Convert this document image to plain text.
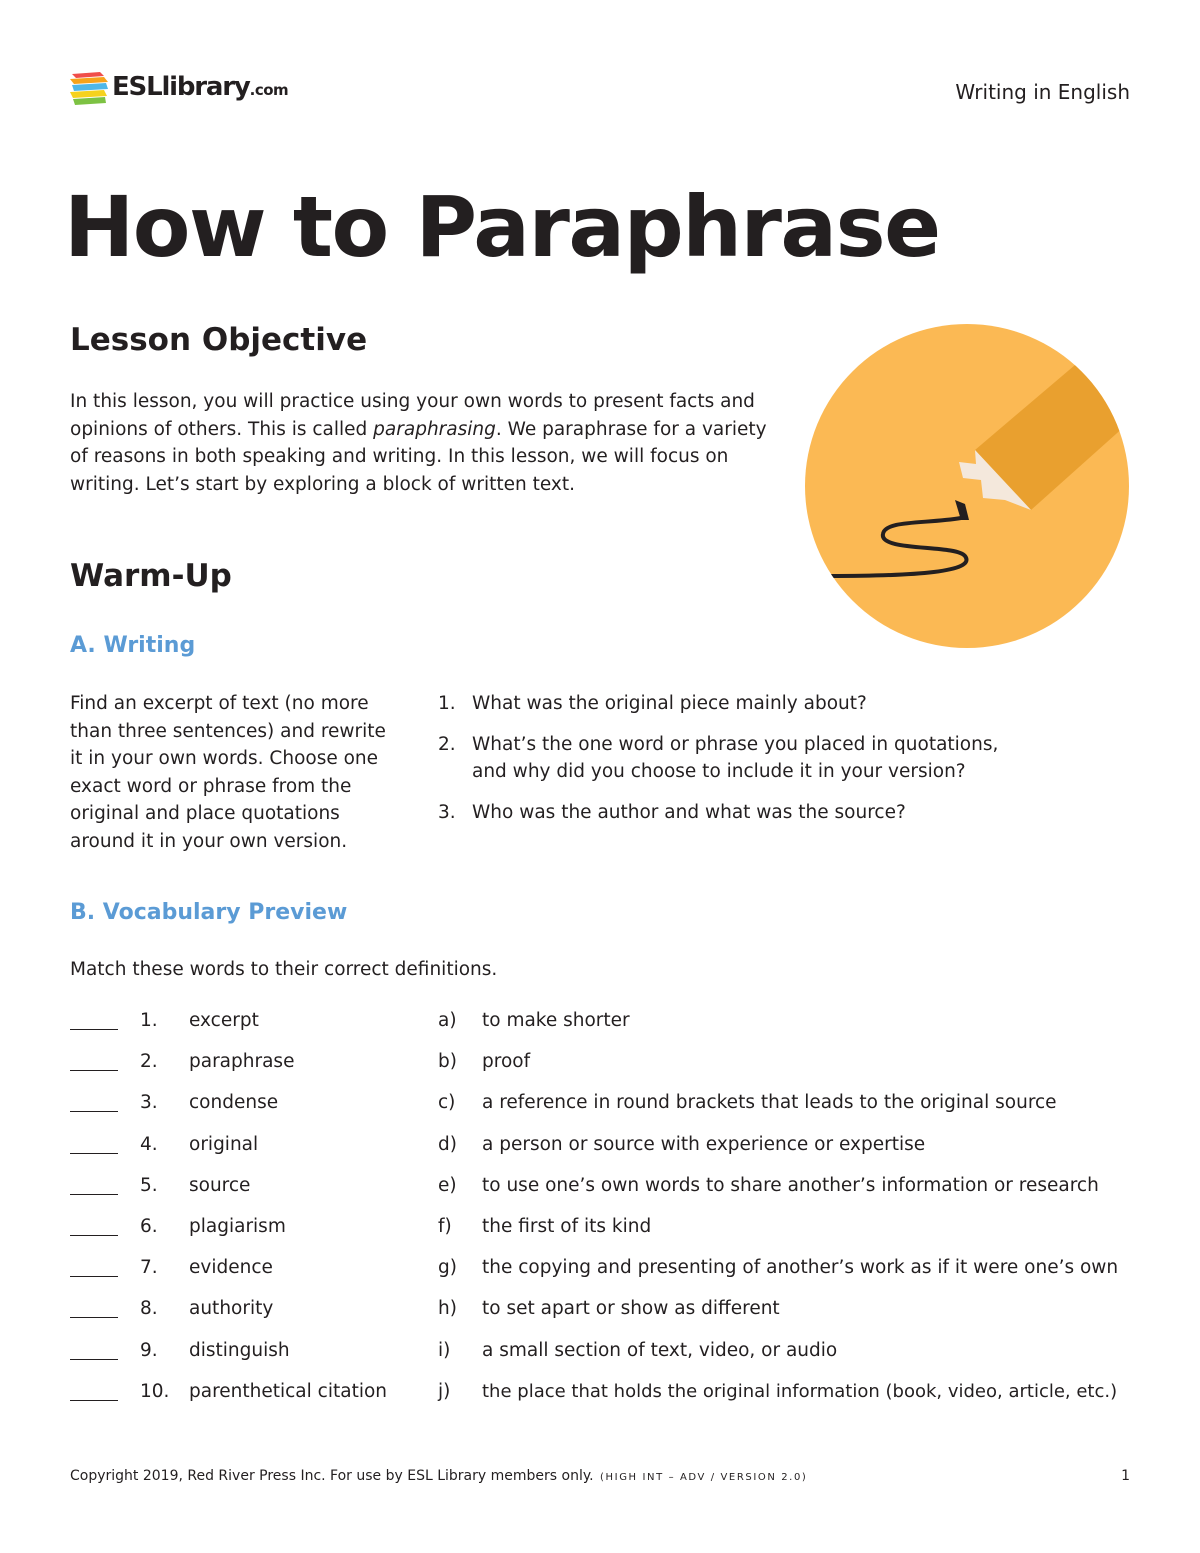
ESLlibrary.com	Writing in English
How to Paraphrase
Lesson Objective
In this lesson, you will practice using your own words to present facts and opinions of others. This is called paraphrasing. We paraphrase for a variety of reasons in both speaking and writing. In this lesson, we will focus on writing. Let’s start by exploring a block of written text.
Warm-Up
A. Writing
Find an excerpt of text (no more than three sentences) and rewrite it in your own words. Choose one exact word or phrase from the original and place quotations around it in your own version.
1. What was the original piece mainly about?
2. What’s the one word or phrase you placed in quotations, and why did you choose to include it in your version?
3. Who was the author and what was the source?
B. Vocabulary Preview
Match these words to their correct definitions.
1. excerpt	a) to make shorter
2. paraphrase	b) proof
3. condense	c) a reference in round brackets that leads to the original source
4. original	d) a person or source with experience or expertise
5. source	e) to use one’s own words to share another’s information or research
6. plagiarism	f) the first of its kind
7. evidence	g) the copying and presenting of another’s work as if it were one’s own
8. authority	h) to set apart or show as different
9. distinguish	i) a small section of text, video, or audio
10. parenthetical citation	j) the place that holds the original information (book, video, article, etc.)
Copyright 2019, Red River Press Inc. For use by ESL Library members only. (HIGH INT – ADV / VERSION 2.0)	1
